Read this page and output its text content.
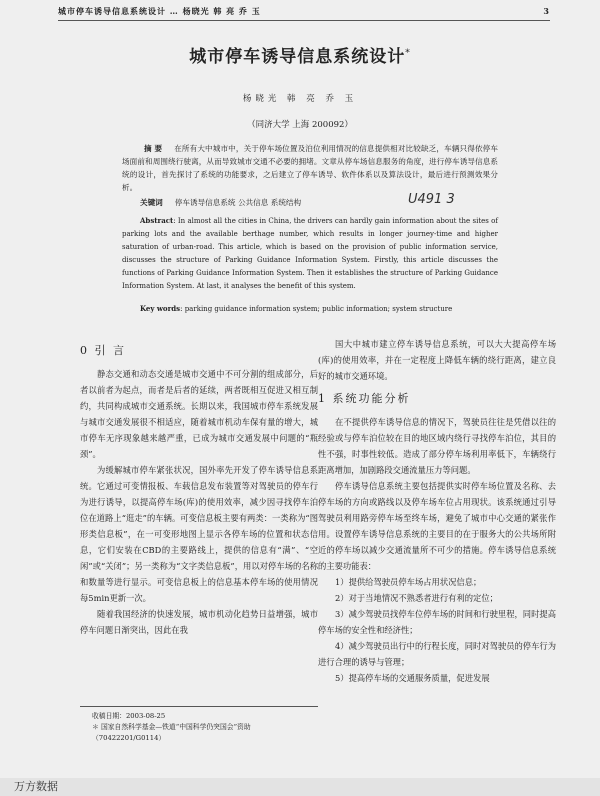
城市停车诱导信息系统设计 … 杨晓光 韩 亮 乔 玉	3
城市停车诱导信息系统设计*
杨晓光 韩 亮 乔 玉
（同济大学 上海 200092）
摘 要 在所有大中城市中，关于停车场位置及泊位利用情况的信息提供相对比较缺乏，车辆只得依停车场面前和周围绕行驶离，从而导致城市交通不必要的拥堵。文章从停车场信息服务的角度，进行停车诱导信息系统的设计，首先探讨了系统的功能要求，之后建立了停车诱导、软件体系以及算法设计，最后进行预测效果分析。
关键词 停车诱导信息系统 公共信息 系统结构	U491 3
Abstract: In almost all the cities in China, the drivers can hardly gain information about the sites of parking lots and the available berthage number, which results in longer journey-time and higher saturation of urban-road. This article, which is based on the provision of public information service, discusses the structure of Parking Guidance Information System. Firstly, this article discusses the functions of Parking Guidance Information System. Then it establishes the structure of Parking Guidance Information System. At last, it analyses the benefit of this system.
Key words: parking guidance information system; public information; system structure
0 引 言

静态交通和动态交通是城市交通中不可分割的组成部分，后者以前者为起点，而者是后者的延续，两者既相互促进又相互制约，共同构成城市交通系统。长期以来，我国城市停车系统发展与城市交通发展很不相适应，随着城市机动车保有量的增大，城市停车无序现象越来越严重，已成为城市交通发展中问题的“瓶颈”。

为缓解城市停车紧张状况，国外率先开发了停车诱导信息系统。它通过可变情报板、车载信息发布装置等对驾驶员的停车行为进行诱导，以提高停车场(库)的使用效率，减少因寻找停车泊位在道路上“逛走”的车辆。可变信息板主要有两类：一类称为“图形类信息板”，在一可变形地图上显示各停车场的位置和状态信息，它们安装在CBD的主要路线上，提供的信息有“满”、“空闲”或“关闭”；另一类称为“文字类信息板”，用以对停车场的名称和数量等进行显示。可变信息板上的信息基本停车场的使用情况每5min更新一次。

随着我国经济的快速发展，城市机动化趋势日益增强，城市停车问题日渐突出，因此在我

国大中城市建立停车诱导信息系统，可以大大提高停车场(库)的使用效率，并在一定程度上降低车辆的绕行距离，建立良好的城市交通环境。

1 系统功能分析

在不提供停车诱导信息的情况下，驾驶员往往是凭借以往的经验或与停车泊位较在目的地区域内绕行寻找停车泊位，其目的性不强，时事性较低。造成了部分停车场利用率低下，车辆绕行距离增加，加剧路段交通流量压力等问题。

停车诱导信息系统主要包括提供实时停车场位置及名称、去停车场的方向或路线以及停车场车位占用现状。该系统通过引导驾驶员利用路旁停车场至终车场，避免了城市中心交通的紧张作用。设置停车诱导信息系统的主要目的在于服务大的公共场所附近的停车场以减少交通流量所不可少的措施。停车诱导信息系统的主要功能表：

1）提供给驾驶员停车场占用状况信息；
2）对于当地情况不熟悉者进行有利的定位；
3）减少驾驶员找停车位停车场的时间和行驶里程，同时提高停车场的安全性和经济性；
4）减少驾驶员出行中的行程长度，同时对驾驶员的停车行为进行合理的诱导与管理；
5）提高停车场的交通服务质量，促进发展
收稿日期：2003-08-25
＊ 国家自然科学基金—铁道“中国科学仍突国会”资助（70422201/G0114）
万方数据
